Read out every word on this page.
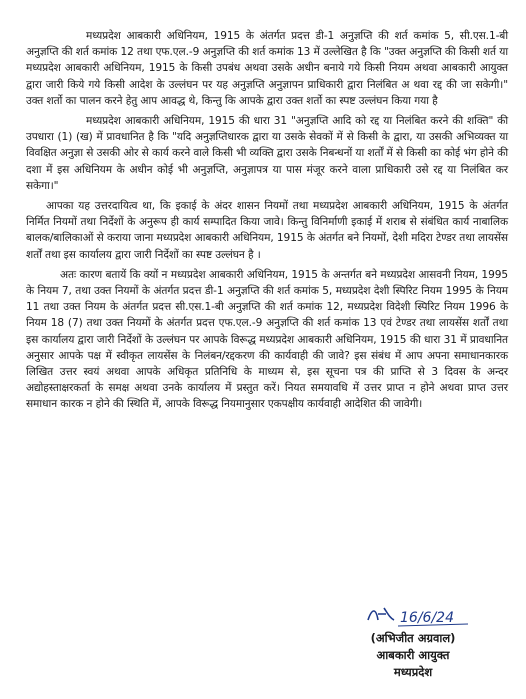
मध्यप्रदेश आबकारी अधिनियम, 1915 के अंतर्गत प्रदत्त डी-1 अनुज्ञप्ति की शर्त कमांक 5, सी.एस.1-बी अनुज्ञप्ति की शर्त कमांक 12 तथा एफ.एल.-9 अनुज्ञप्ति की शर्त कमांक 13 में उल्लेखित है कि "उक्त अनुज्ञप्ति की किसी शर्त या मध्यप्रदेश आबकारी अधिनियम, 1915 के किसी उपबंध अथवा उसके अधीन बनाये गये किसी नियम अथवा आबकारी आयुक्त द्वारा जारी किये गये किसी आदेश के उल्लंघन पर यह अनुज्ञप्ति अनुज्ञापन प्राधिकारी द्वारा निलंबित अ थवा रद्द की जा सकेगी।" उक्त शर्तो का पालन करने हेतु आप आवद्ध थे, किन्तु कि आपके द्वारा उक्त शर्तो का स्पष्ट उल्लंघन किया गया है

मध्यप्रदेश आबकारी अधिनियम, 1915 की धारा 31 "अनुज्ञप्ति आदि को रद्द या निलंबित करने की शक्ति" की उपधारा (1) (ख) में प्रावधानित है कि "यदि अनुज्ञप्तिधारक द्वारा या उसके सेवकों में से किसी के द्वारा, या उसकी अभिव्यक्त या विवक्षित अनुज्ञा से उसकी ओर से कार्य करने वाले किसी भी व्यक्ति द्वारा उसके निबन्धनों या शर्तों में से किसी का कोई भंग होने की दशा में इस अधिनियम के अधीन कोई भी अनुज्ञप्ति, अनुज्ञापत्र या पास मंजूर करने वाला प्राधिकारी उसे रद्द या निलंबित कर सकेगा।"

आपका यह उत्तरदायित्व था, कि इकाई के अंदर शासन नियमों तथा मध्यप्रदेश आबकारी अधिनियम, 1915 के अंतर्गत निर्मित नियमों तथा निर्देशों के अनुरूप ही कार्य सम्पादित किया जावे। किन्तु विनिर्माणी इकाई में शराब से संबंधित कार्य नाबालिक बालक/बालिकाओं से कराया जाना मध्यप्रदेश आबकारी अधिनियम, 1915 के अंतर्गत बने नियमों, देशी मदिरा टेण्डर तथा लायसेंस शर्तों तथा इस कार्यालय द्वारा जारी निर्देशों का स्पष्ट उल्लंघन है ।

अतः कारण बतायें कि क्यों न मध्यप्रदेश आबकारी अधिनियम, 1915 के अन्तर्गत बने मध्यप्रदेश आसवनी नियम, 1995 के नियम 7, तथा उक्त नियमों के अंतर्गत प्रदत्त डी-1 अनुज्ञप्ति की शर्त कमांक 5, मध्यप्रदेश देशी स्पिरिट नियम 1995 के नियम 11 तथा उक्त नियम के अंतर्गत प्रदत्त सी.एस.1-बी अनुज्ञप्ति की शर्त कमांक 12, मध्यप्रदेश विदेशी स्पिरिट नियम 1996 के नियम 18 (7) तथा उक्त नियमों के अंतर्गत प्रदत्त एफ.एल.-9 अनुज्ञप्ति की शर्त कमांक 13 एवं टेण्डर तथा लायसेंस शर्तों तथा इस कार्यालय द्वारा जारी निर्देशों के उल्लंघन पर आपके विरूद्ध मध्यप्रदेश आबकारी अधिनियम, 1915 की धारा 31 में प्रावधानित अनुसार आपके पक्ष में स्वीकृत लायसेंस के निलंबन/रद्दकरण की कार्यवाही की जावे? इस संबंध में आप अपना समाधानकारक लिखित उत्तर स्वयं अथवा आपके अधिकृत प्रतिनिधि के माध्यम से, इस सूचना पत्र की प्राप्ति से 3 दिवस के अन्दर अद्योहस्ताक्षरकर्ता के समक्ष अथवा उनके कार्यालय में प्रस्तुत करें। नियत समयावधि में उत्तर प्राप्त न होने अथवा प्राप्त उत्तर समाधान कारक न होने की स्थिति में, आपके विरूद्ध नियमानुसार एकपक्षीय कार्यवाही आदेशित की जावेगी।

16/6/24
(अभिजीत अग्रवाल)
आबकारी आयुक्त
मध्यप्रदेश
